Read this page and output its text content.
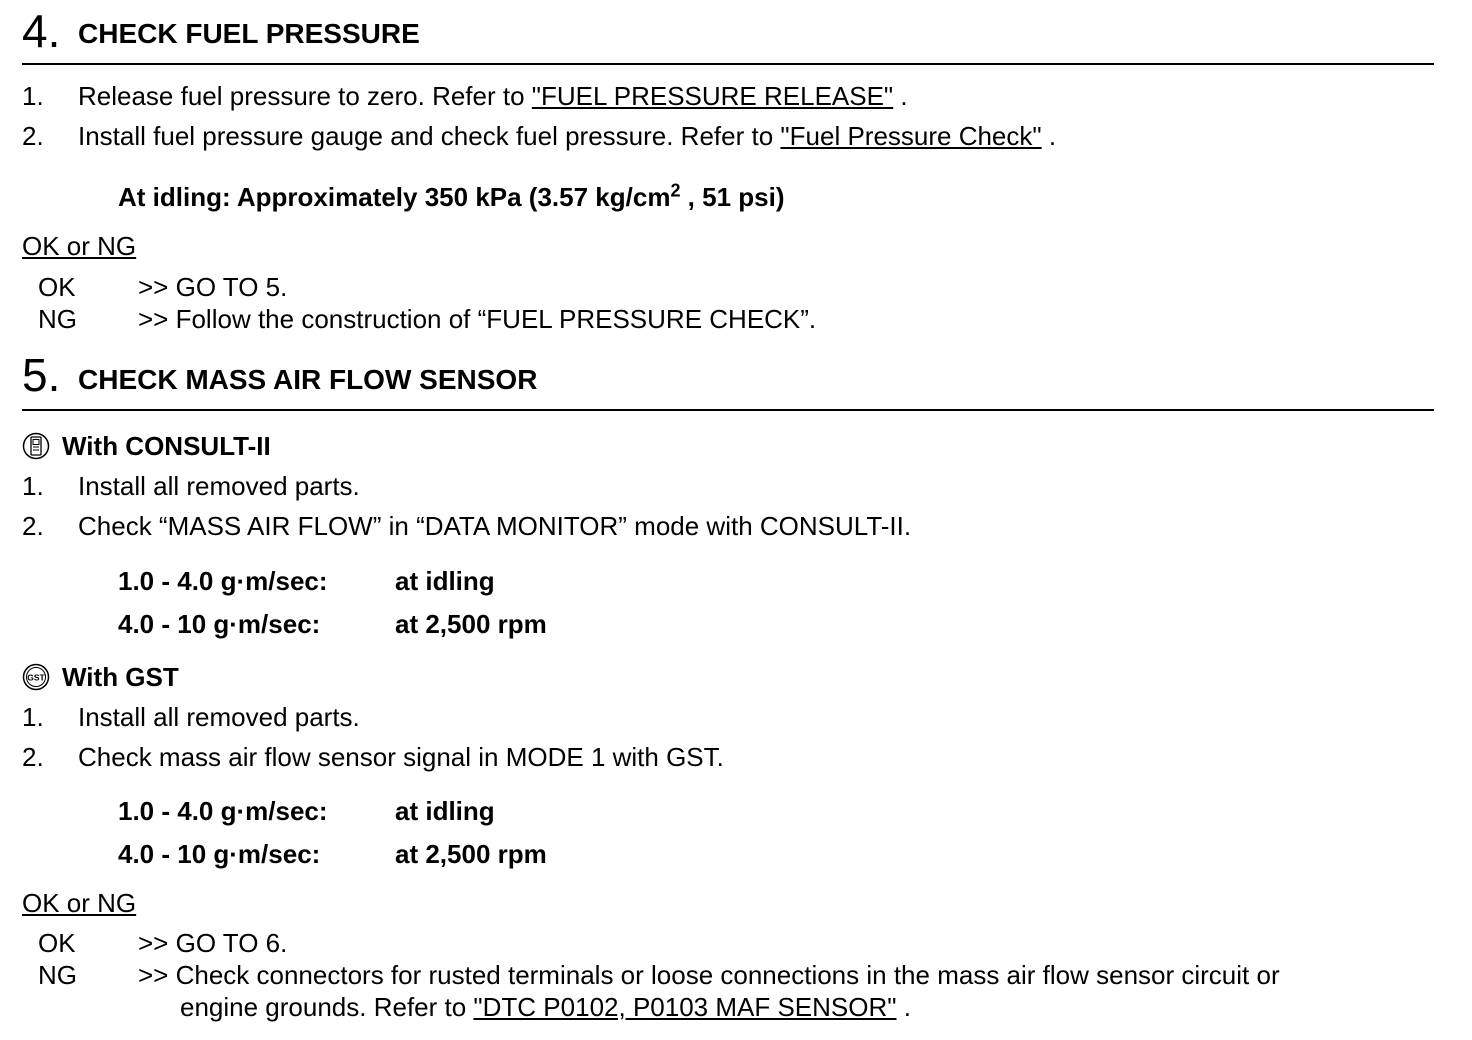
4. CHECK FUEL PRESSURE
1. Release fuel pressure to zero. Refer to "FUEL PRESSURE RELEASE" .
2. Install fuel pressure gauge and check fuel pressure. Refer to "Fuel Pressure Check" .
At idling: Approximately 350 kPa (3.57 $kg/cm^2$ , 51 psi)
OK or NG
OK >> GO TO 5.
NG >> Follow the construction of “FUEL PRESSURE CHECK”.
5. CHECK MASS AIR FLOW SENSOR
With CONSULT-II
1. Install all removed parts.
2. Check “MASS AIR FLOW” in “DATA MONITOR” mode with CONSULT-II.
1.0 - 4.0 g·m/sec:	at idling
4.0 - 10 g·m/sec:	at 2,500 rpm
GST With GST
1. Install all removed parts.
2. Check mass air flow sensor signal in MODE 1 with GST.
1.0 - 4.0 g·m/sec:	at idling
4.0 - 10 g·m/sec:	at 2,500 rpm
OK or NG
OK >> GO TO 6.
NG >> Check connectors for rusted terminals or loose connections in the mass air flow sensor circuit or
engine grounds. Refer to "DTC P0102, P0103 MAF SENSOR" .
